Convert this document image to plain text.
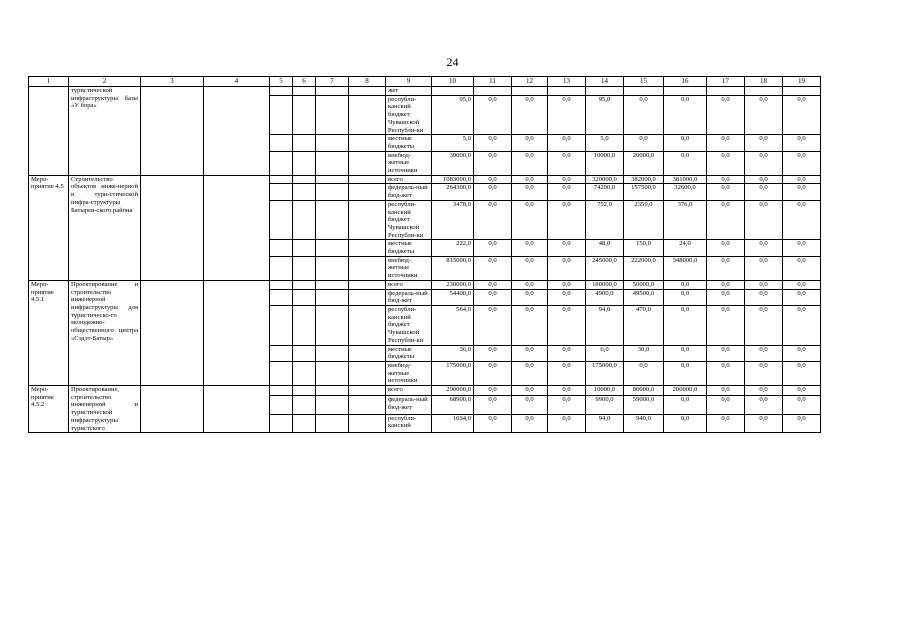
24
1	2	3	4	5	6	7	8	9	10	11	12	13	14	15	16	17	18	19
	туристической инфраструктуры базы «У бора»							жет										
								республи-канский бюджет Чувашской Республи-ки	95,0	0,0	0,0	0,0	95,0	0,0	0,0	0,0	0,0	0,0
								местные бюджеты	5,0	0,0	0,0	0,0	5,0	0,0	0,0	0,0	0,0	0,0
								внебюд-жетные источники	30000,0	0,0	0,0	0,0	10000,0	20000,0	0,0	0,0	0,0	0,0
Меро-приятие 4.5	Строительство объектов инже-нерной и тури-стической инфра-структуры Батырев-ского района							всего	1083000,0	0,0	0,0	0,0	320000,0	382000,0	381000,0	0,0	0,0	0,0
								федераль-ный бюд-жет	264300,0	0,0	0,0	0,0	74200,0	157500,0	32600,0	0,0	0,0	0,0
								республи-канский бюджет Чувашской Республи-ки	3478,0	0,0	0,0	0,0	752,0	2350,0	376,0	0,0	0,0	0,0
								местные бюджеты	222,0	0,0	0,0	0,0	48,0	150,0	24,0	0,0	0,0	0,0
								внебюд-жетные источники	815000,0	0,0	0,0	0,0	245000,0	222000,0	348000,0	0,0	0,0	0,0
Меро-приятие 4.5.1	Проектирование и строительство инженерной инфраструктуры для туристическо-го молодежно-общественного центра «Сэдэт-Батыр»							всего	230000,0	0,0	0,0	0,0	180000,0	50000,0	0,0	0,0	0,0	0,0
								федераль-ный бюд-жет	54400,0	0,0	0,0	0,0	4900,0	49500,0	0,0	0,0	0,0	0,0
								республи-канский бюджет Чувашской Республи-ки	564,0	0,0	0,0	0,0	94,0	470,0	0,0	0,0	0,0	0,0
								местные бюджеты	36,0	0,0	0,0	0,0	6,0	30,0	0,0	0,0	0,0	0,0
								внебюд-жетные источники	175000,0	0,0	0,0	0,0	175000,0	0,0	0,0	0,0	0,0	0,0
Меро-приятие 4.5.2	Проектирование, строительство инженерной и туристической инфраструктуры туристского							всего	290000,0	0,0	0,0	0,0	10000,0	80000,0	200000,0	0,0	0,0	0,0
								федераль-ный бюд-жет	68900,0	0,0	0,0	0,0	9900,0	59000,0	0,0	0,0	0,0	0,0
								республи-канский	1034,0	0,0	0,0	0,0	94,0	940,0	0,0	0,0	0,0	0,0
